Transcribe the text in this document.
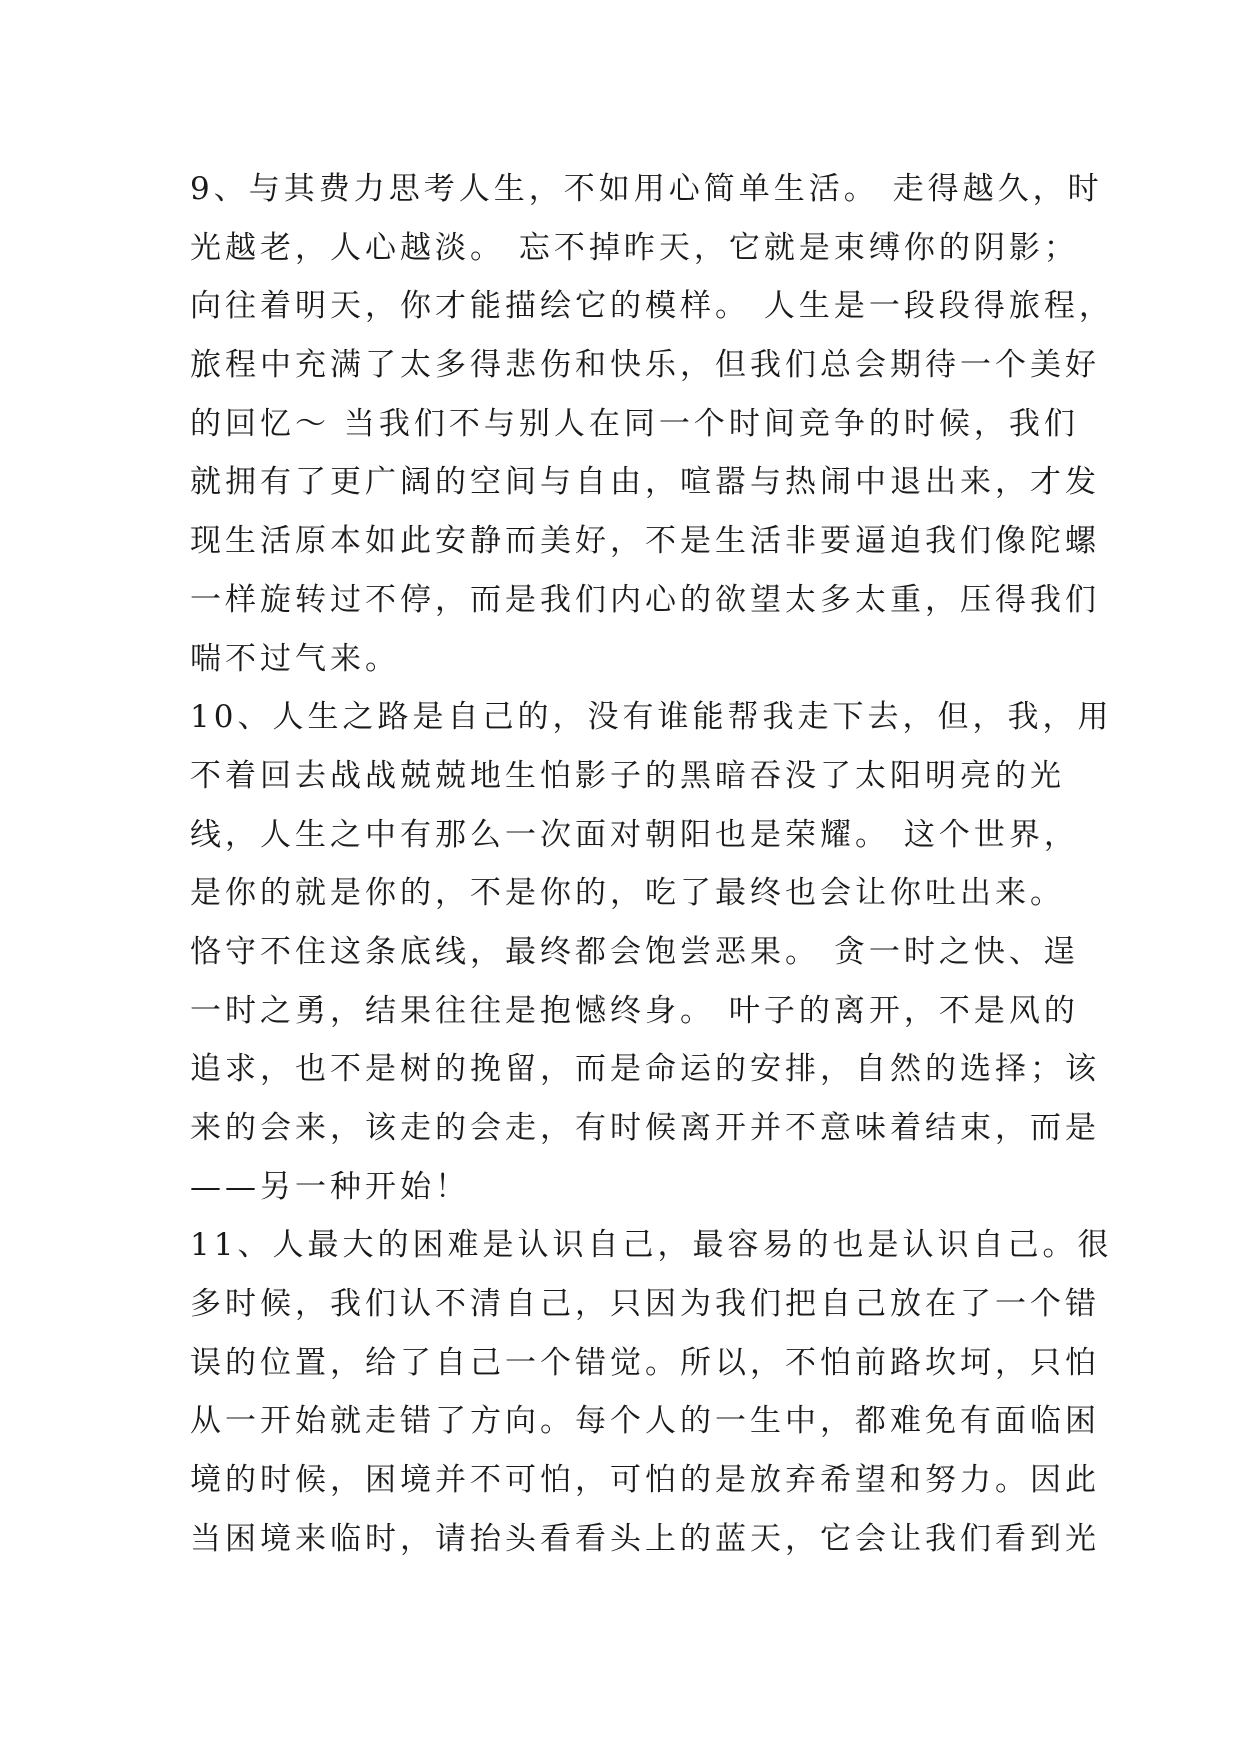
9、与其费力思考人生，不如用心简单生活。 走得越久，时
光越老，人心越淡。 忘不掉昨天，它就是束缚你的阴影；
向往着明天，你才能描绘它的模样。 人生是一段段得旅程，
旅程中充满了太多得悲伤和快乐，但我们总会期待一个美好
的回忆～ 当我们不与别人在同一个时间竞争的时候，我们
就拥有了更广阔的空间与自由，喧嚣与热闹中退出来，才发
现生活原本如此安静而美好，不是生活非要逼迫我们像陀螺
一样旋转过不停，而是我们内心的欲望太多太重，压得我们
喘不过气来。
10、人生之路是自己的，没有谁能帮我走下去，但，我，用
不着回去战战兢兢地生怕影子的黑暗吞没了太阳明亮的光
线，人生之中有那么一次面对朝阳也是荣耀。 这个世界，
是你的就是你的，不是你的，吃了最终也会让你吐出来。
恪守不住这条底线，最终都会饱尝恶果。 贪一时之快、逞
一时之勇，结果往往是抱憾终身。 叶子的离开，不是风的
追求，也不是树的挽留，而是命运的安排，自然的选择；该
来的会来，该走的会走，有时候离开并不意味着结束，而是
——另一种开始！
11、人最大的困难是认识自己，最容易的也是认识自己。很
多时候，我们认不清自己，只因为我们把自己放在了一个错
误的位置，给了自己一个错觉。所以，不怕前路坎坷，只怕
从一开始就走错了方向。每个人的一生中，都难免有面临困
境的时候，困境并不可怕，可怕的是放弃希望和努力。因此
当困境来临时，请抬头看看头上的蓝天，它会让我们看到光
